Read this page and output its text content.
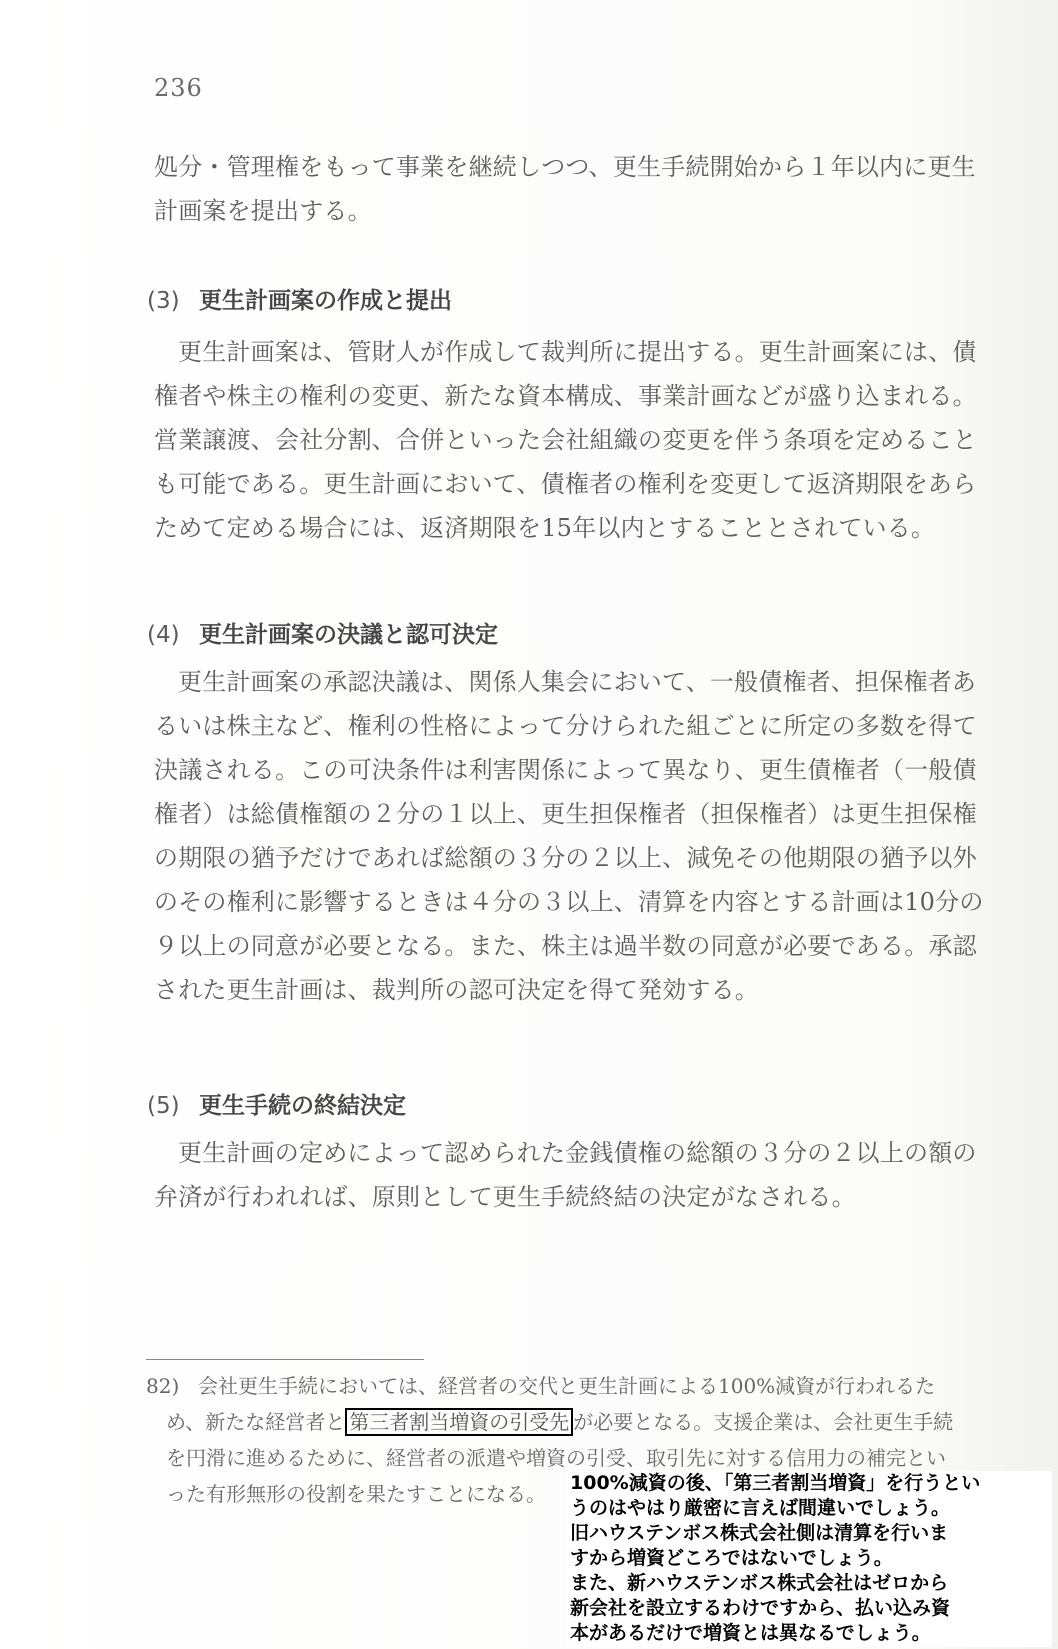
236
処分・管理権をもって事業を継続しつつ、更生手続開始から１年以内に更生
計画案を提出する。
(3) 更生計画案の作成と提出
更生計画案は、管財人が作成して裁判所に提出する。更生計画案には、債
権者や株主の権利の変更、新たな資本構成、事業計画などが盛り込まれる。
営業譲渡、会社分割、合併といった会社組織の変更を伴う条項を定めること
も可能である。更生計画において、債権者の権利を変更して返済期限をあら
ためて定める場合には、返済期限を15年以内とすることとされている。
(4) 更生計画案の決議と認可決定
更生計画案の承認決議は、関係人集会において、一般債権者、担保権者あ
るいは株主など、権利の性格によって分けられた組ごとに所定の多数を得て
決議される。この可決条件は利害関係によって異なり、更生債権者（一般債
権者）は総債権額の２分の１以上、更生担保権者（担保権者）は更生担保権
の期限の猶予だけであれば総額の３分の２以上、減免その他期限の猶予以外
のその権利に影響するときは４分の３以上、清算を内容とする計画は10分の
９以上の同意が必要となる。また、株主は過半数の同意が必要である。承認
された更生計画は、裁判所の認可決定を得て発効する。
(5) 更生手続の終結決定
更生計画の定めによって認められた金銭債権の総額の３分の２以上の額の
弁済が行われれば、原則として更生手続終結の決定がなされる。
82) 会社更生手続においては、経営者の交代と更生計画による100%減資が行われるた
め、新たな経営者と 第三者割当増資の引受先 が必要となる。支援企業は、会社更生手続
を円滑に進めるために、経営者の派遣や増資の引受、取引先に対する信用力の補完とい
った有形無形の役割を果たすことになる。	100%減資の後、「第三者割当増資」を行うとい
うのはやはり厳密に言えば間違いでしょう。
旧ハウステンボス株式会社側は清算を行いま
すから増資どころではないでしょう。
また、新ハウステンボス株式会社はゼロから
新会社を設立するわけですから、払い込み資
本があるだけで増資とは異なるでしょう。
